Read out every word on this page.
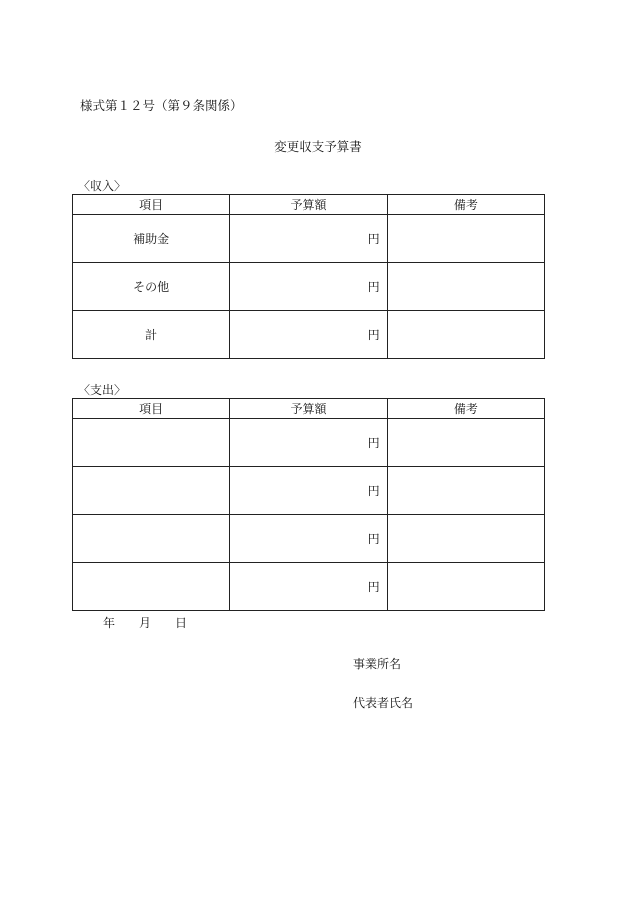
様式第１２号（第９条関係）
変更収支予算書
〈収入〉
項目	予算額	備考
補助金	円	
その他	円	
計	円	
〈支出〉
項目	予算額	備考
	円	
	円	
	円	
	円	
年 月 日
事業所名
代表者氏名
